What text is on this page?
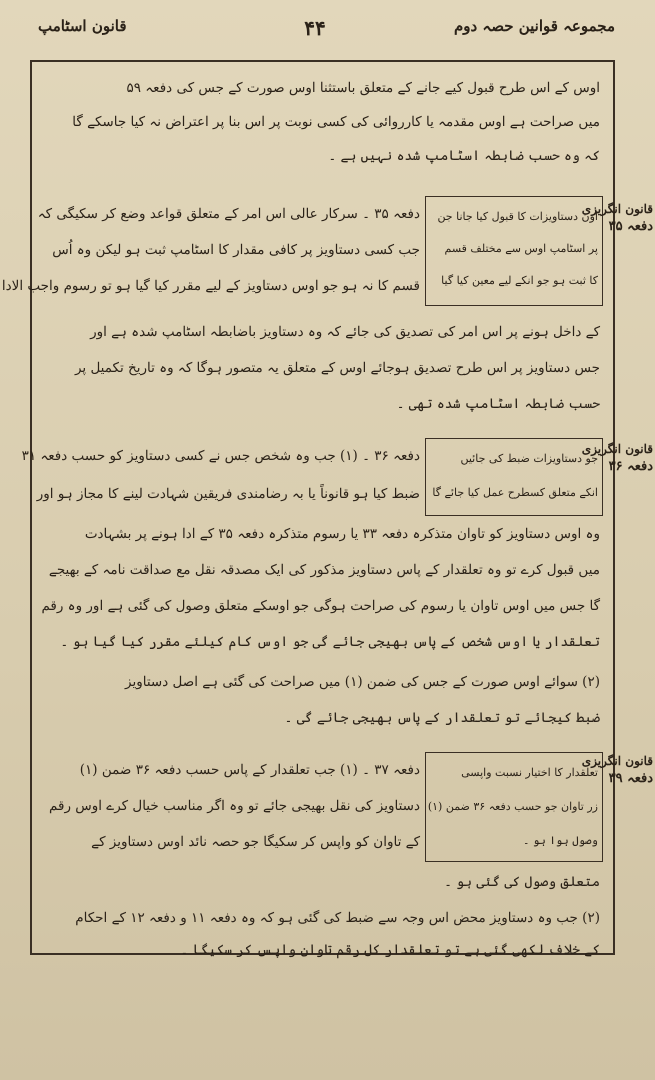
قانون اسٹامپ	۴۴	مجموعہ قوانین حصہ دوم
اوس کے اس طرح قبول کیے جانے کے متعلق باستثنا اوس صورت کے جس کی دفعہ ۵۹
میں صراحت ہے اوس مقدمہ یا کارروائی کی کسی نوبت پر اس بنا پر اعتراض نہ کیا جاسکے گا
کہ وہ حسب ضابطہ اسٹامپ شدہ نہیں ہے ۔
اون دستاویزات کا قبول کیا جانا جن
پر اسٹامپ اوس سے مختلف قسم
کا ثبت ہو جو انکے لیے معین کیا گیا
دفعہ ۳۵ ۔ سرکار عالی اس امر کے متعلق قواعد وضع کر سکیگی کہ
جب کسی دستاویز پر کافی مقدار کا اسٹامپ ثبت ہو لیکن وہ اُس
قسم کا نہ ہو جو اوس دستاویز کے لیے مقرر کیا گیا ہو تو رسوم واجب الادا
کے داخل ہونے پر اس امر کی تصدیق کی جائے کہ وہ دستاویز باضابطہ اسٹامپ شدہ ہے اور
جس دستاویز پر اس طرح تصدیق ہوجائے اوس کے متعلق یہ متصور ہوگا کہ وہ تاریخ تکمیل پر
حسب ضابطہ اسٹامپ شدہ تھی ۔
جو دستاویزات ضبط کی جائیں
انکے متعلق کسطرح عمل کیا جائے گا
دفعہ ۳۶ ۔ (۱) جب وہ شخص جس نے کسی دستاویز کو حسب دفعہ ۳۱
ضبط کیا ہو قانوناً یا بہ رضامندی فریقین شہادت لینے کا مجاز ہو اور
وہ اوس دستاویز کو تاوان متذکرہ دفعہ ۳۳ یا رسوم متذکرہ دفعہ ۳۵ کے ادا ہونے پر بشہادت
میں قبول کرے تو وہ تعلقدار کے پاس دستاویز مذکور کی ایک مصدقہ نقل مع صداقت نامہ کے بھیجے
گا جس میں اوس تاوان یا رسوم کی صراحت ہوگی جو اوسکے متعلق وصول کی گئی ہے اور وہ رقم
تعلقدار یا اوس شخص کے پاس بھیجی جائے گی جو اوس کام کیلئے مقرر کیا گیا ہو ۔
(۲) سوائے اوس صورت کے جس کی ضمن (۱) میں صراحت کی گئی ہے اصل دستاویز
ضبط کیجائے تو تعلقدار کے پاس بھیجی جائے گی ۔
تعلقدار کا اختیار نسبت واپسی
زر تاوان جو حسب دفعہ ۳۶ ضمن (۱)
وصول ہوا ہو ۔
دفعہ ۳۷ ۔ (۱) جب تعلقدار کے پاس حسب دفعہ ۳۶ ضمن (۱)
دستاویز کی نقل بھیجی جائے تو وہ اگر مناسب خیال کرے اوس رقم
کے تاوان کو واپس کر سکیگا جو حصہ نائد اوس دستاویز کے
متعلق وصول کی گئی ہو ۔
(۲) جب وہ دستاویز محض اس وجہ سے ضبط کی گئی ہو کہ وہ دفعہ ۱۱ و دفعہ ۱۲ کے احکام
کے خلاف لکھی گئی ہے تو تعلقدار کل رقم تاوان واپس کر سکیگا ۔
قانون انگریزی
دفعہ ۳۵
قانون انگریزی
دفعہ ۳۶
قانون انگریزی
دفعہ ۳۹
